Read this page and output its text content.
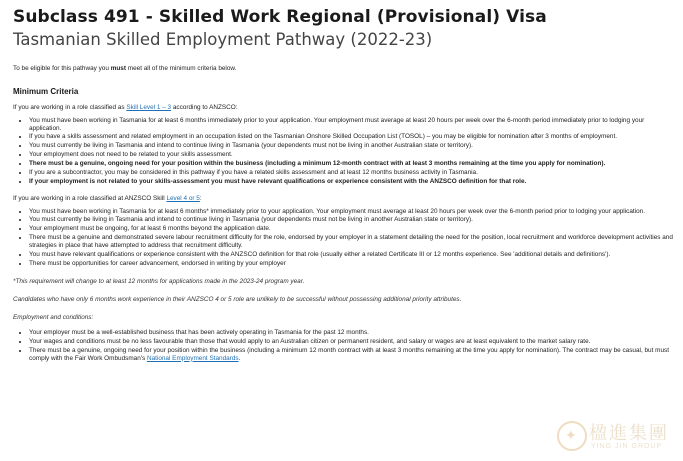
Subclass 491 - Skilled Work Regional (Provisional) Visa
Tasmanian Skilled Employment Pathway (2022-23)

To be eligible for this pathway you must meet all of the minimum criteria below.

Minimum Criteria

If you are working in a role classified as Skill Level 1 – 3 according to ANZSCO:

• You must have been working in Tasmania for at least 6 months immediately prior to your application. Your employment must average at least 20 hours per week over the 6-month period immediately prior to lodging your application.
• If you have a skills assessment and related employment in an occupation listed on the Tasmanian Onshore Skilled Occupation List (TOSOL) – you may be eligible for nomination after 3 months of employment.
• You must currently be living in Tasmania and intend to continue living in Tasmania (your dependents must not be living in another Australian state or territory).
• Your employment does not need to be related to your skills assessment.
• There must be a genuine, ongoing need for your position within the business (including a minimum 12-month contract with at least 3 months remaining at the time you apply for nomination).
• If you are a subcontractor, you may be considered in this pathway if you have a related skills assessment and at least 12 months business activity in Tasmania.
• If your employment is not related to your skills-assessment you must have relevant qualifications or experience consistent with the ANZSCO definition for that role.

If you are working in a role classified at ANZSCO Skill Level 4 or 5:

• You must have been working in Tasmania for at least 6 months* immediately prior to your application. Your employment must average at least 20 hours per week over the 6-month period prior to lodging your application.
• You must currently be living in Tasmania and intend to continue living in Tasmania (your dependents must not be living in another Australian state or territory).
• Your employment must be ongoing, for at least 6 months beyond the application date.
• There must be a genuine and demonstrated severe labour recruitment difficulty for the role, endorsed by your employer in a statement detailing the need for the position, local recruitment and workforce development activities and strategies in place that have attempted to address that recruitment difficulty.
• You must have relevant qualifications or experience consistent with the ANZSCO definition for that role (usually either a related Certificate III or 12 months experience. See 'additional details and definitions').
• There must be opportunities for career advancement, endorsed in writing by your employer

*This requirement will change to at least 12 months for applications made in the 2023-24 program year.

Candidates who have only 6 months work experience in their ANZSCO 4 or 5 role are unlikely to be successful without possessing additional priority attributes.

Employment and conditions:

• Your employer must be a well-established business that has been actively operating in Tasmania for the past 12 months.
• Your wages and conditions must be no less favourable than those that would apply to an Australian citizen or permanent resident, and salary or wages are at least equivalent to the market salary rate.
• There must be a genuine, ongoing need for your position within the business (including a minimum 12 month contract with at least 3 months remaining at the time you apply for nomination). The contract may be casual, but must comply with the Fair Work Ombudsman's National Employment Standards.
✦ 楹進集團
YING JIN GROUP
